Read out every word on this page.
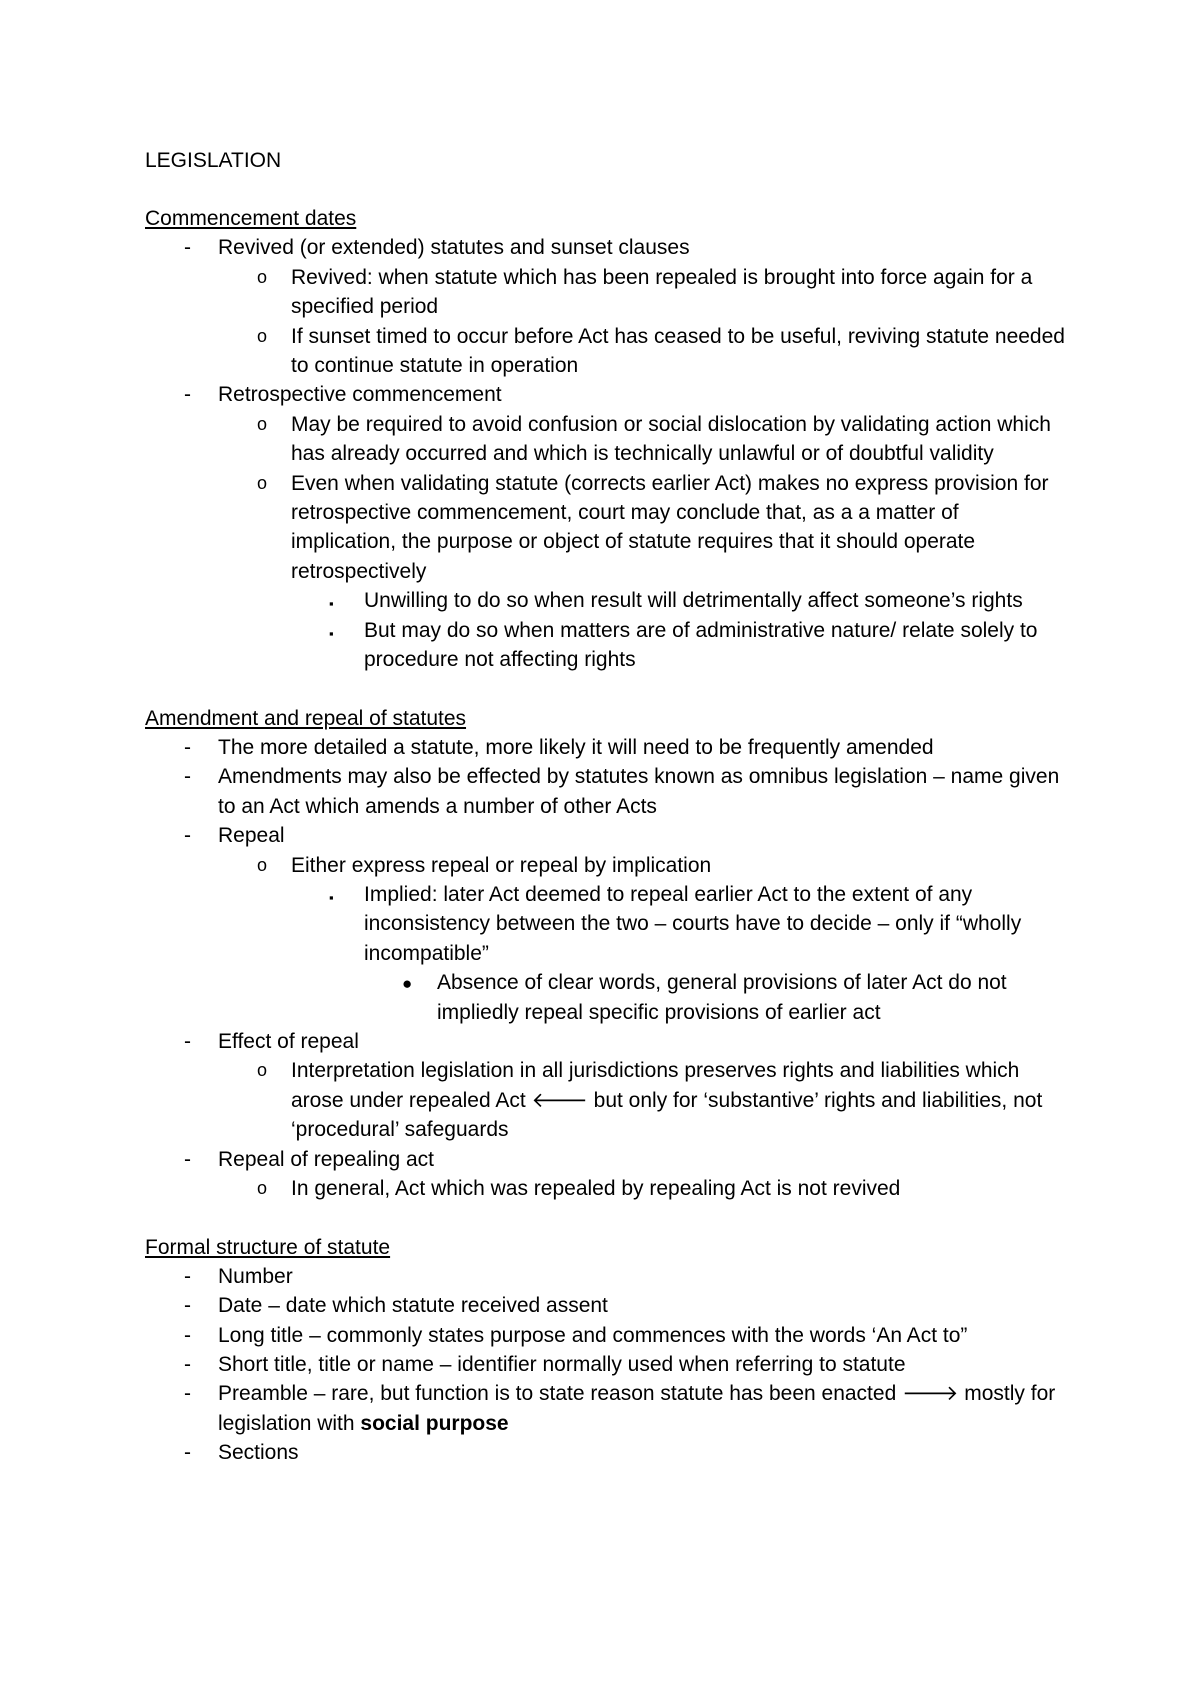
LEGISLATION

Commencement dates

- Revived (or extended) statutes and sunset clauses
o Revived: when statute which has been repealed is brought into force again for a specified period
o If sunset timed to occur before Act has ceased to be useful, reviving statute needed to continue statute in operation
- Retrospective commencement
o May be required to avoid confusion or social dislocation by validating action which has already occurred and which is technically unlawful or of doubtful validity
o Even when validating statute (corrects earlier Act) makes no express provision for retrospective commencement, court may conclude that, as a a matter of implication, the purpose or object of statute requires that it should operate retrospectively
▪ Unwilling to do so when result will detrimentally affect someone’s rights
▪ But may do so when matters are of administrative nature/ relate solely to procedure not affecting rights

Amendment and repeal of statutes

- The more detailed a statute, more likely it will need to be frequently amended
- Amendments may also be effected by statutes known as omnibus legislation – name given to an Act which amends a number of other Acts
- Repeal
o Either express repeal or repeal by implication
▪ Implied: later Act deemed to repeal earlier Act to the extent of any inconsistency between the two – courts have to decide – only if “wholly incompatible”
● Absence of clear words, general provisions of later Act do not impliedly repeal specific provisions of earlier act
- Effect of repeal
o Interpretation legislation in all jurisdictions preserves rights and liabilities which arose under repealed Act 🡐 but only for ‘substantive’ rights and liabilities, not ‘procedural’ safeguards
- Repeal of repealing act
o In general, Act which was repealed by repealing Act is not revived

Formal structure of statute

- Number
- Date – date which statute received assent
- Long title – commonly states purpose and commences with the words ‘An Act to”
- Short title, title or name – identifier normally used when referring to statute
- Preamble – rare, but function is to state reason statute has been enacted 🡒 mostly for legislation with social purpose
- Sections
